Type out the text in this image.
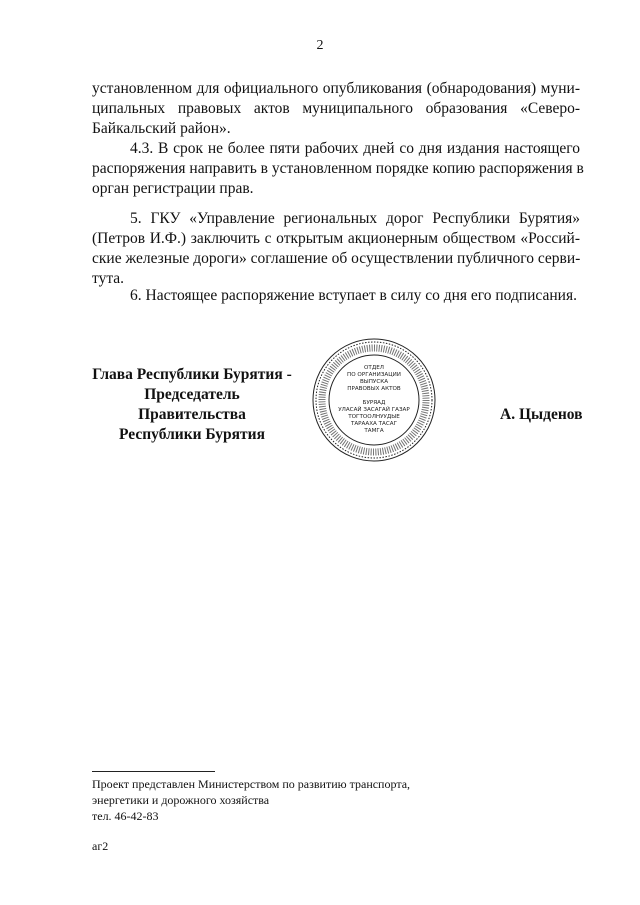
2
установленном для официального опубликования (обнародования) муни-
ципальных правовых актов муниципального образования «Северо-
Байкальский район».
4.3. В срок не более пяти рабочих дней со дня издания настоящего
распоряжения направить в установленном порядке копию распоряжения в
орган регистрации прав.
5. ГКУ «Управление региональных дорог Республики Бурятия»
(Петров И.Ф.) заключить с открытым акционерным обществом «Россий-
ские железные дороги» соглашение об осуществлении публичного серви-
тута.
6. Настоящее распоряжение вступает в силу со дня его подписания.
Глава Республики Бурятия -
Председатель Правительства
Республики Бурятия
ОТДЕЛ
ПО ОРГАНИЗАЦИИ
ВЫПУСКА
ПРАВОВЫХ АКТОВ
БУРЯАД
УЛАСАЙ ЗАСАГАЙ ГАЗАР
ТОГТООЛНУУДЫЕ
ТАРААХА ТАСАГ
ТАМГА
А. Цыденов
Проект представлен Министерством по развитию транспорта,
энергетики и дорожного хозяйства
тел. 46-42-83
аг2
